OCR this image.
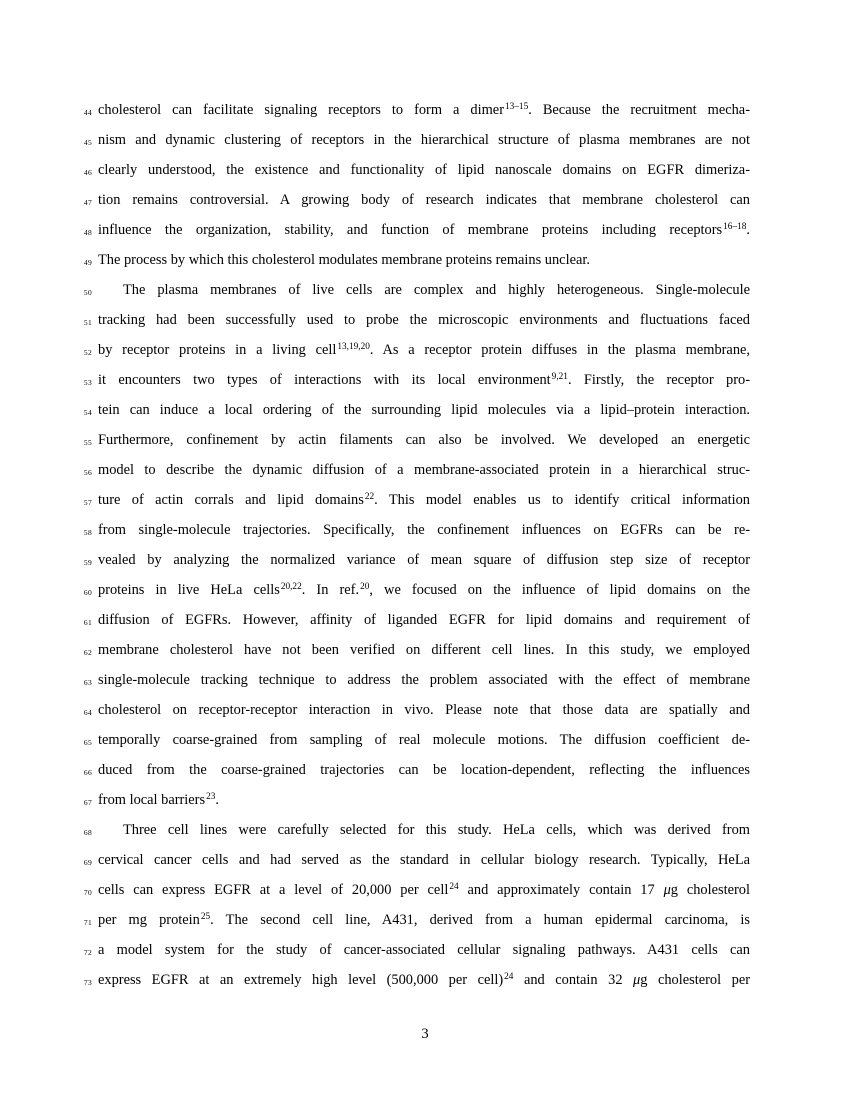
44 cholesterol can facilitate signaling receptors to form a dimer$^{13-15}$. Because the recruitment mecha-
45 nism and dynamic clustering of receptors in the hierarchical structure of plasma membranes are not
46 clearly understood, the existence and functionality of lipid nanoscale domains on EGFR dimeriza-
47 tion remains controversial. A growing body of research indicates that membrane cholesterol can
48 influence the organization, stability, and function of membrane proteins including receptors$^{16-18}$.
49 The process by which this cholesterol modulates membrane proteins remains unclear.
50	The plasma membranes of live cells are complex and highly heterogeneous. Single-molecule
51 tracking had been successfully used to probe the microscopic environments and fluctuations faced
52 by receptor proteins in a living cell$^{13,19,20}$. As a receptor protein diffuses in the plasma membrane,
53 it encounters two types of interactions with its local environment$^{9,21}$. Firstly, the receptor pro-
54 tein can induce a local ordering of the surrounding lipid molecules via a lipid–protein interaction.
55 Furthermore, confinement by actin filaments can also be involved. We developed an energetic
56 model to describe the dynamic diffusion of a membrane-associated protein in a hierarchical struc-
57 ture of actin corrals and lipid domains$^{22}$. This model enables us to identify critical information
58 from single-molecule trajectories. Specifically, the confinement influences on EGFRs can be re-
59 vealed by analyzing the normalized variance of mean square of diffusion step size of receptor
60 proteins in live HeLa cells$^{20,22}$. In ref.$^{20}$, we focused on the influence of lipid domains on the
61 diffusion of EGFRs. However, affinity of liganded EGFR for lipid domains and requirement of
62 membrane cholesterol have not been verified on different cell lines. In this study, we employed
63 single-molecule tracking technique to address the problem associated with the effect of membrane
64 cholesterol on receptor-receptor interaction in vivo. Please note that those data are spatially and
65 temporally coarse-grained from sampling of real molecule motions. The diffusion coefficient de-
66 duced from the coarse-grained trajectories can be location-dependent, reflecting the influences
67 from local barriers$^{23}$.
68	Three cell lines were carefully selected for this study. HeLa cells, which was derived from
69 cervical cancer cells and had served as the standard in cellular biology research. Typically, HeLa
70 cells can express EGFR at a level of 20,000 per cell$^{24}$ and approximately contain 17 μg cholesterol
71 per mg protein$^{25}$. The second cell line, A431, derived from a human epidermal carcinoma, is
72 a model system for the study of cancer-associated cellular signaling pathways. A431 cells can
73 express EGFR at an extremely high level (500,000 per cell)$^{24}$ and contain 32 μg cholesterol per
3
